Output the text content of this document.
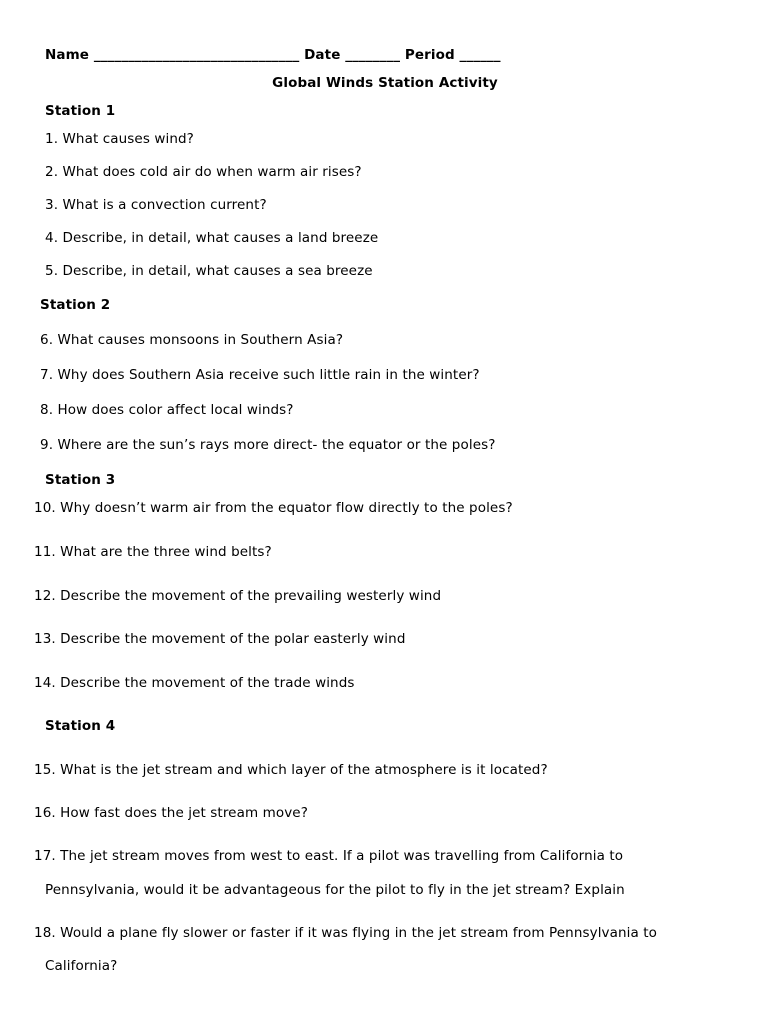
Name ______________________________ Date ________ Period ______
Global Winds Station Activity
Station 1
1. What causes wind?
2. What does cold air do when warm air rises?
3. What is a convection current?
4. Describe, in detail, what causes a land breeze
5. Describe, in detail, what causes a sea breeze
Station 2
6. What causes monsoons in Southern Asia?
7. Why does Southern Asia receive such little rain in the winter?
8. How does color affect local winds?
9. Where are the sun’s rays more direct- the equator or the poles?
Station 3
10. Why doesn’t warm air from the equator flow directly to the poles?
11. What are the three wind belts?
12. Describe the movement of the prevailing westerly wind
13. Describe the movement of the polar easterly wind
14. Describe the movement of the trade winds
Station 4
15. What is the jet stream and which layer of the atmosphere is it located?
16. How fast does the jet stream move?
17. The jet stream moves from west to east. If a pilot was travelling from California to
Pennsylvania, would it be advantageous for the pilot to fly in the jet stream? Explain
18. Would a plane fly slower or faster if it was flying in the jet stream from Pennsylvania to
California?
